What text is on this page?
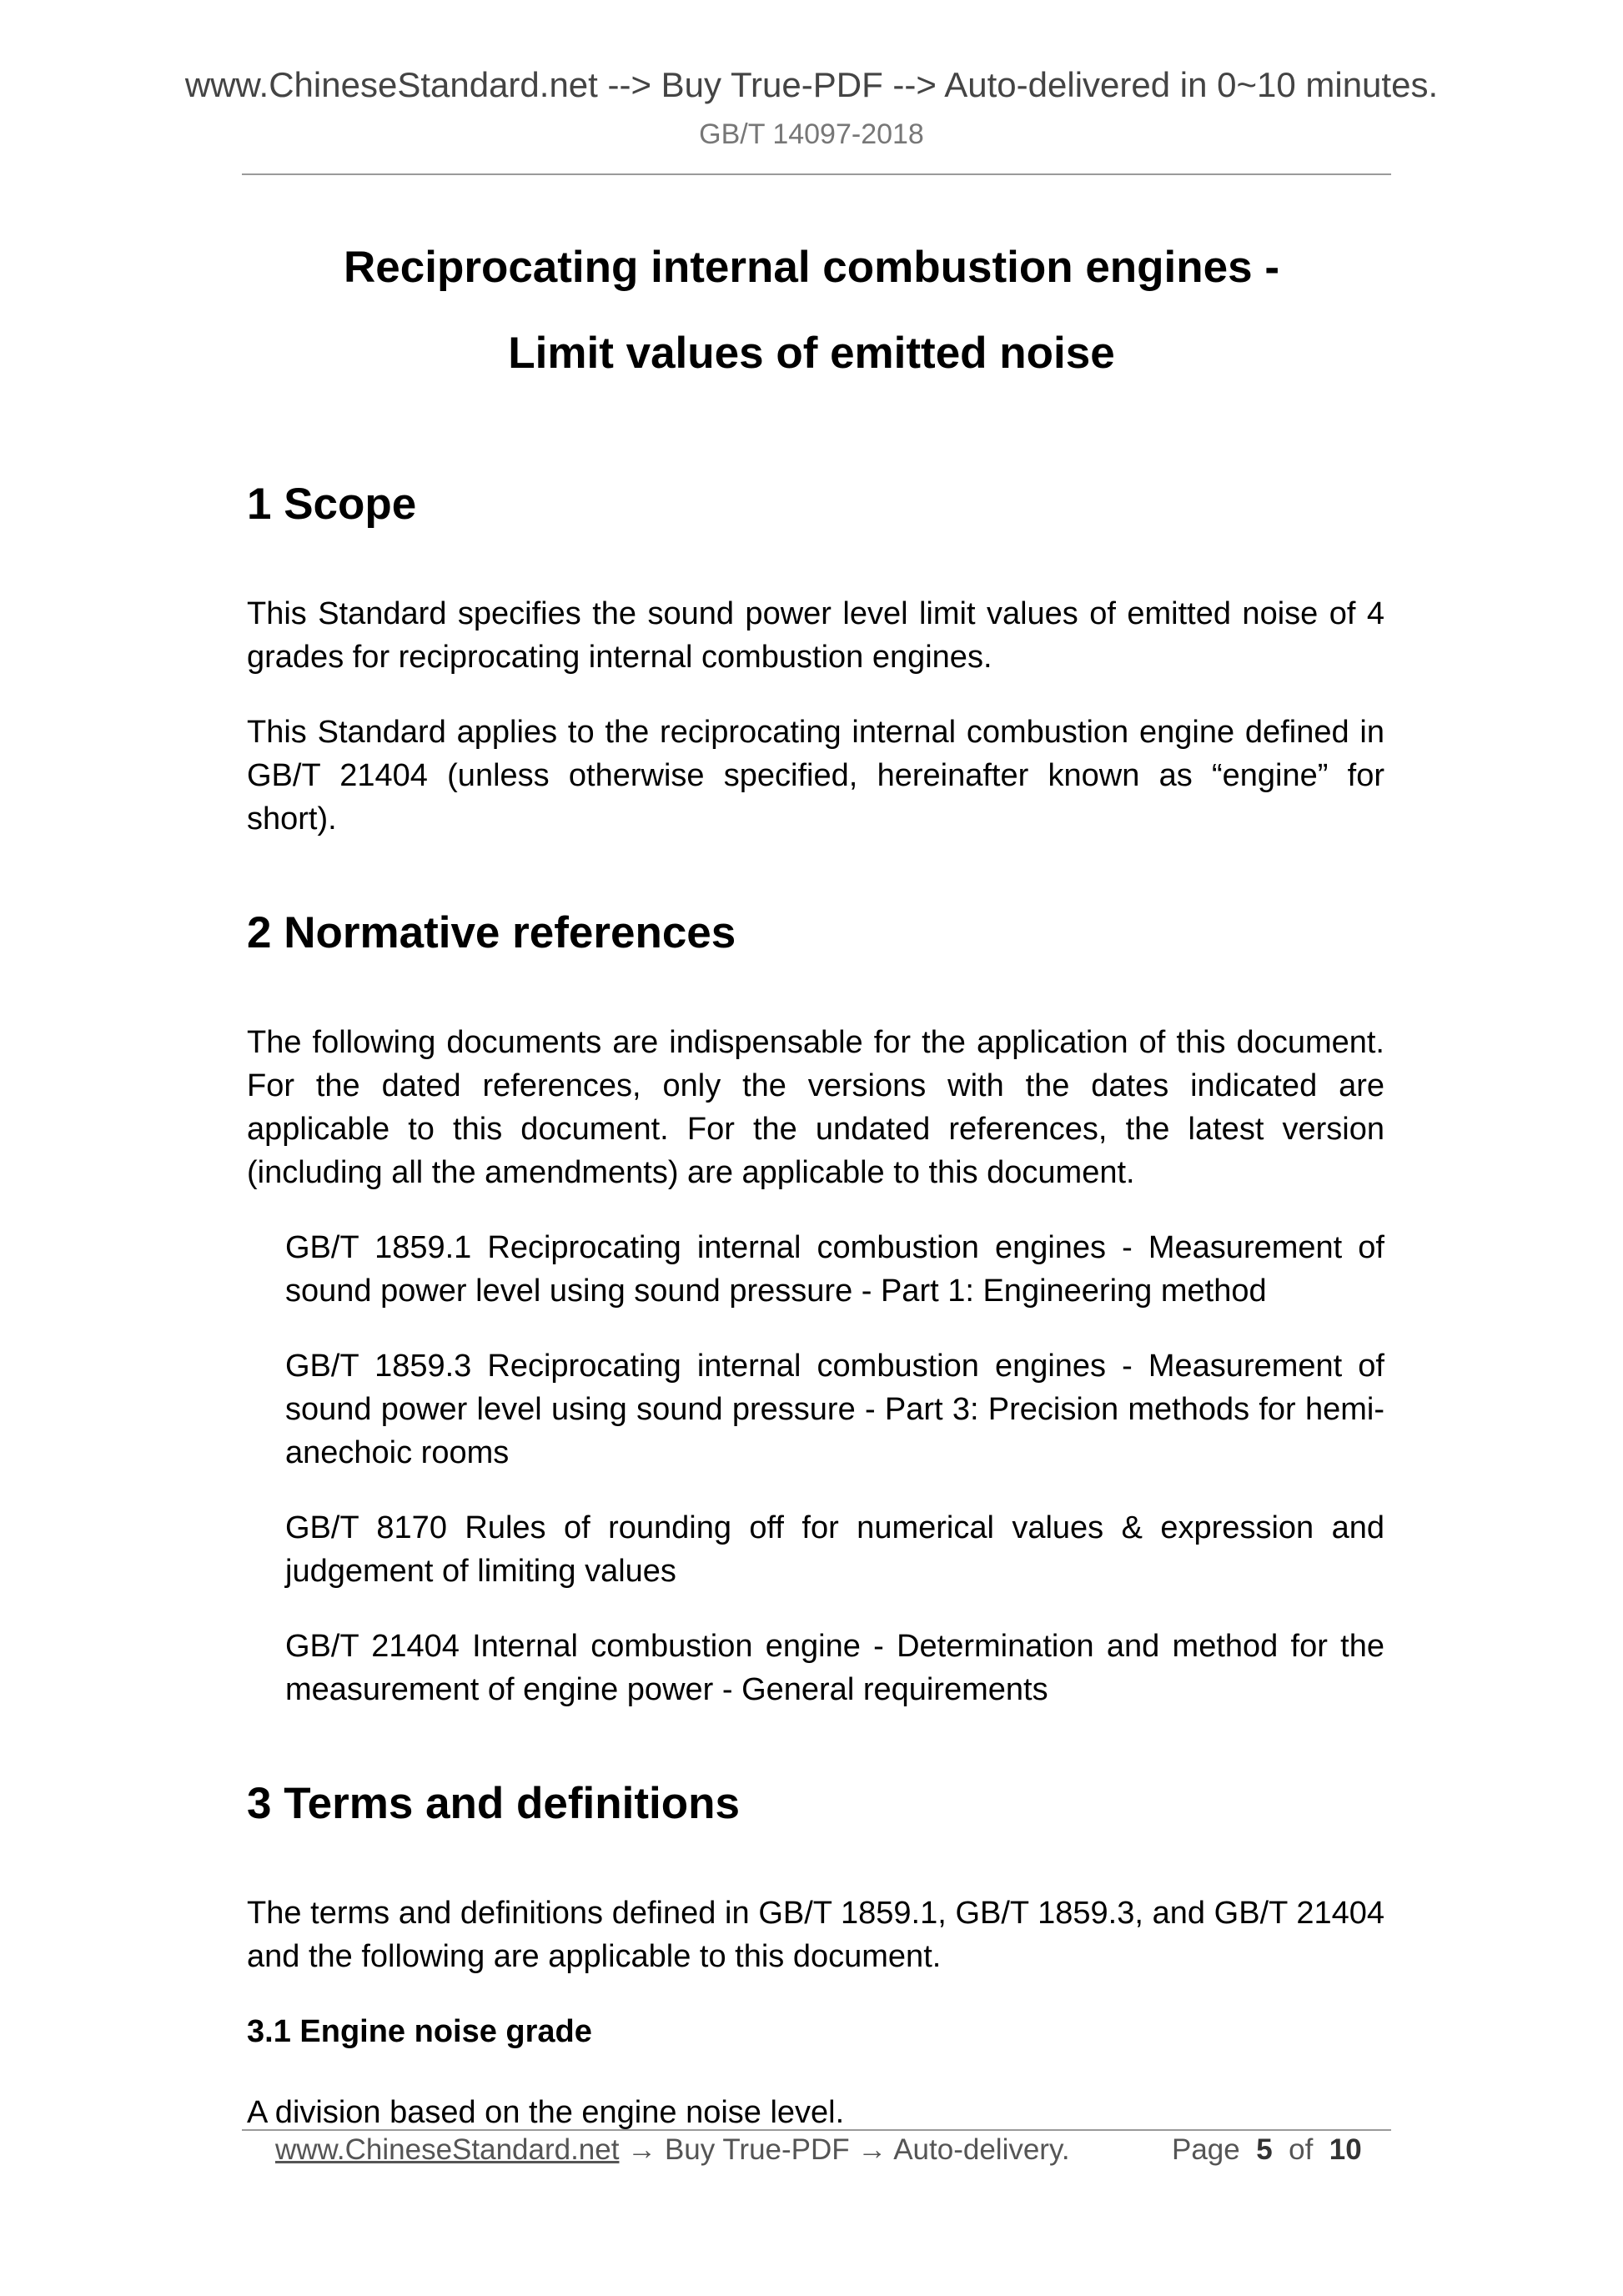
www.ChineseStandard.net --> Buy True-PDF --> Auto-delivered in 0~10 minutes.
GB/T 14097-2018
Reciprocating internal combustion engines -
Limit values of emitted noise
1 Scope

This Standard specifies the sound power level limit values of emitted noise of 4 grades for reciprocating internal combustion engines.

This Standard applies to the reciprocating internal combustion engine defined in GB/T 21404 (unless otherwise specified, hereinafter known as “engine” for short).

2 Normative references

The following documents are indispensable for the application of this document. For the dated references, only the versions with the dates indicated are applicable to this document. For the undated references, the latest version (including all the amendments) are applicable to this document.

GB/T 1859.1 Reciprocating internal combustion engines - Measurement of sound power level using sound pressure - Part 1: Engineering method

GB/T 1859.3 Reciprocating internal combustion engines - Measurement of sound power level using sound pressure - Part 3: Precision methods for hemi-anechoic rooms

GB/T 8170 Rules of rounding off for numerical values & expression and judgement of limiting values

GB/T 21404 Internal combustion engine - Determination and method for the measurement of engine power - General requirements

3 Terms and definitions

The terms and definitions defined in GB/T 1859.1, GB/T 1859.3, and GB/T 21404 and the following are applicable to this document.

3.1 Engine noise grade

A division based on the engine noise level.

www.ChineseStandard.net → Buy True-PDF → Auto-delivery.	Page 5 of 10
